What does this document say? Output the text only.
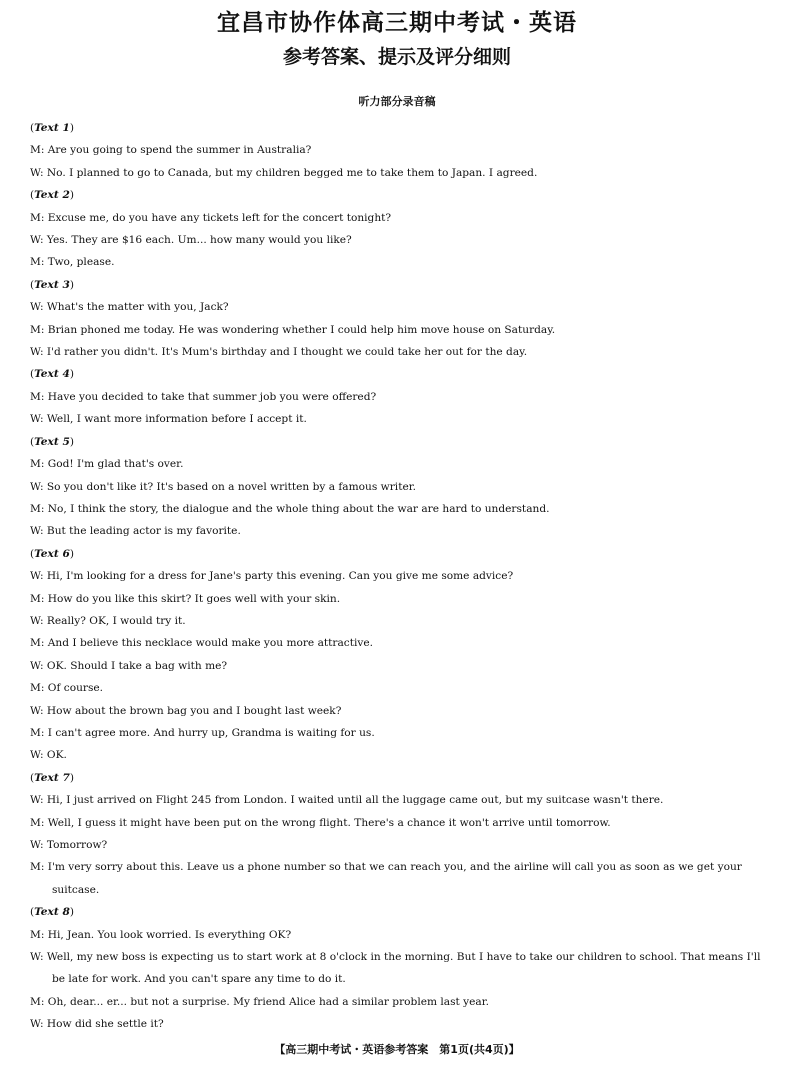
宜昌市协作体高三期中考试・英语
参考答案、提示及评分细则
听力部分录音稿
(Text 1)
M: Are you going to spend the summer in Australia?
W: No. I planned to go to Canada, but my children begged me to take them to Japan. I agreed.
(Text 2)
M: Excuse me, do you have any tickets left for the concert tonight?
W: Yes. They are $16 each. Um... how many would you like?
M: Two, please.
(Text 3)
W: What's the matter with you, Jack?
M: Brian phoned me today. He was wondering whether I could help him move house on Saturday.
W: I'd rather you didn't. It's Mum's birthday and I thought we could take her out for the day.
(Text 4)
M: Have you decided to take that summer job you were offered?
W: Well, I want more information before I accept it.
(Text 5)
M: God! I'm glad that's over.
W: So you don't like it? It's based on a novel written by a famous writer.
M: No, I think the story, the dialogue and the whole thing about the war are hard to understand.
W: But the leading actor is my favorite.
(Text 6)
W: Hi, I'm looking for a dress for Jane's party this evening. Can you give me some advice?
M: How do you like this skirt? It goes well with your skin.
W: Really? OK, I would try it.
M: And I believe this necklace would make you more attractive.
W: OK. Should I take a bag with me?
M: Of course.
W: How about the brown bag you and I bought last week?
M: I can't agree more. And hurry up, Grandma is waiting for us.
W: OK.
(Text 7)
W: Hi, I just arrived on Flight 245 from London. I waited until all the luggage came out, but my suitcase wasn't there.
M: Well, I guess it might have been put on the wrong flight. There's a chance it won't arrive until tomorrow.
W: Tomorrow?
M: I'm very sorry about this. Leave us a phone number so that we can reach you, and the airline will call you as soon as we get your suitcase.
(Text 8)
M: Hi, Jean. You look worried. Is everything OK?
W: Well, my new boss is expecting us to start work at 8 o'clock in the morning. But I have to take our children to school. That means I'll be late for work. And you can't spare any time to do it.
M: Oh, dear... er... but not a surprise. My friend Alice had a similar problem last year.
W: How did she settle it?
【高三期中考试・英语参考答案　第1页(共4页)】
